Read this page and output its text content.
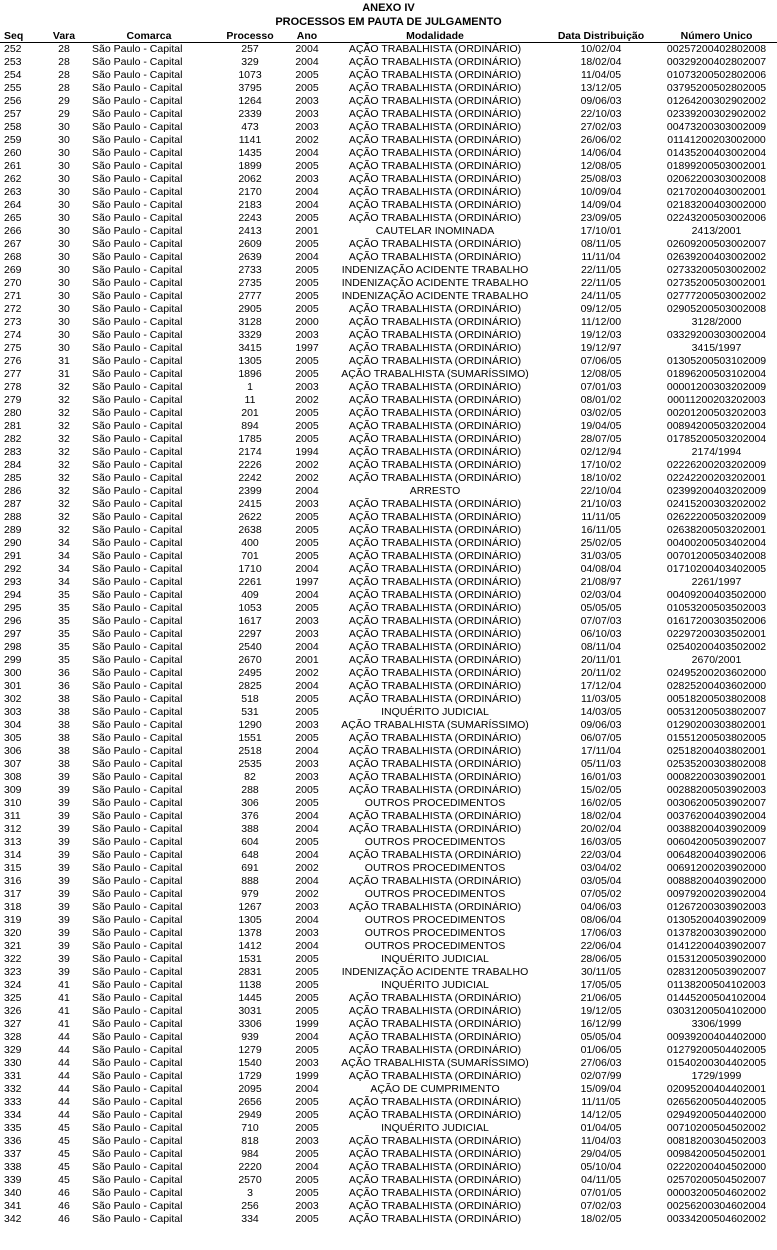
ANEXO IV
PROCESSOS EM PAUTA DE JULGAMENTO
Seq	Vara	Comarca	Processo	Ano	Modalidade	Data Distribuição	Número Único
252	28	São Paulo - Capital	257	2004	AÇÃO TRABALHISTA (ORDINÁRIO)	10/02/04	00257200402802008
253	28	São Paulo - Capital	329	2004	AÇÃO TRABALHISTA (ORDINÁRIO)	18/02/04	00329200402802007
254	28	São Paulo - Capital	1073	2005	AÇÃO TRABALHISTA (ORDINÁRIO)	11/04/05	01073200502802006
255	28	São Paulo - Capital	3795	2005	AÇÃO TRABALHISTA (ORDINÁRIO)	13/12/05	03795200502802005
256	29	São Paulo - Capital	1264	2003	AÇÃO TRABALHISTA (ORDINÁRIO)	09/06/03	01264200302902002
257	29	São Paulo - Capital	2339	2003	AÇÃO TRABALHISTA (ORDINÁRIO)	22/10/03	02339200302902002
258	30	São Paulo - Capital	473	2003	AÇÃO TRABALHISTA (ORDINÁRIO)	27/02/03	00473200303002009
259	30	São Paulo - Capital	1141	2002	AÇÃO TRABALHISTA (ORDINÁRIO)	26/06/02	01141200203002000
260	30	São Paulo - Capital	1435	2004	AÇÃO TRABALHISTA (ORDINÁRIO)	14/06/04	01435200403002004
261	30	São Paulo - Capital	1899	2005	AÇÃO TRABALHISTA (ORDINÁRIO)	12/08/05	01899200503002001
262	30	São Paulo - Capital	2062	2003	AÇÃO TRABALHISTA (ORDINÁRIO)	25/08/03	02062200303002008
263	30	São Paulo - Capital	2170	2004	AÇÃO TRABALHISTA (ORDINÁRIO)	10/09/04	02170200403002001
264	30	São Paulo - Capital	2183	2004	AÇÃO TRABALHISTA (ORDINÁRIO)	14/09/04	02183200403002000
265	30	São Paulo - Capital	2243	2005	AÇÃO TRABALHISTA (ORDINÁRIO)	23/09/05	02243200503002006
266	30	São Paulo - Capital	2413	2001	CAUTELAR INOMINADA	17/10/01	2413/2001
267	30	São Paulo - Capital	2609	2005	AÇÃO TRABALHISTA (ORDINÁRIO)	08/11/05	02609200503002007
268	30	São Paulo - Capital	2639	2004	AÇÃO TRABALHISTA (ORDINÁRIO)	11/11/04	02639200403002002
269	30	São Paulo - Capital	2733	2005	INDENIZAÇÃO ACIDENTE TRABALHO	22/11/05	02733200503002002
270	30	São Paulo - Capital	2735	2005	INDENIZAÇÃO ACIDENTE TRABALHO	22/11/05	02735200503002001
271	30	São Paulo - Capital	2777	2005	INDENIZAÇÃO ACIDENTE TRABALHO	24/11/05	02777200503002002
272	30	São Paulo - Capital	2905	2005	AÇÃO TRABALHISTA (ORDINÁRIO)	09/12/05	02905200503002008
273	30	São Paulo - Capital	3128	2000	AÇÃO TRABALHISTA (ORDINÁRIO)	11/12/00	3128/2000
274	30	São Paulo - Capital	3329	2003	AÇÃO TRABALHISTA (ORDINÁRIO)	19/12/03	03329200303002004
275	30	São Paulo - Capital	3415	1997	AÇÃO TRABALHISTA (ORDINÁRIO)	19/12/97	3415/1997
276	31	São Paulo - Capital	1305	2005	AÇÃO TRABALHISTA (ORDINÁRIO)	07/06/05	01305200503102009
277	31	São Paulo - Capital	1896	2005	AÇÃO TRABALHISTA (SUMARÍSSIMO)	12/08/05	01896200503102004
278	32	São Paulo - Capital	1	2003	AÇÃO TRABALHISTA (ORDINÁRIO)	07/01/03	00001200303202009
279	32	São Paulo - Capital	11	2002	AÇÃO TRABALHISTA (ORDINÁRIO)	08/01/02	00011200203202003
280	32	São Paulo - Capital	201	2005	AÇÃO TRABALHISTA (ORDINÁRIO)	03/02/05	00201200503202003
281	32	São Paulo - Capital	894	2005	AÇÃO TRABALHISTA (ORDINÁRIO)	19/04/05	00894200503202004
282	32	São Paulo - Capital	1785	2005	AÇÃO TRABALHISTA (ORDINÁRIO)	28/07/05	01785200503202004
283	32	São Paulo - Capital	2174	1994	AÇÃO TRABALHISTA (ORDINÁRIO)	02/12/94	2174/1994
284	32	São Paulo - Capital	2226	2002	AÇÃO TRABALHISTA (ORDINÁRIO)	17/10/02	02226200203202009
285	32	São Paulo - Capital	2242	2002	AÇÃO TRABALHISTA (ORDINÁRIO)	18/10/02	02242200203202001
286	32	São Paulo - Capital	2399	2004	ARRESTO	22/10/04	02399200403202009
287	32	São Paulo - Capital	2415	2003	AÇÃO TRABALHISTA (ORDINÁRIO)	21/10/03	02415200303202002
288	32	São Paulo - Capital	2622	2005	AÇÃO TRABALHISTA (ORDINÁRIO)	11/11/05	02622200503202009
289	32	São Paulo - Capital	2638	2005	AÇÃO TRABALHISTA (ORDINÁRIO)	16/11/05	02638200503202001
290	34	São Paulo - Capital	400	2005	AÇÃO TRABALHISTA (ORDINÁRIO)	25/02/05	00400200503402004
291	34	São Paulo - Capital	701	2005	AÇÃO TRABALHISTA (ORDINÁRIO)	31/03/05	00701200503402008
292	34	São Paulo - Capital	1710	2004	AÇÃO TRABALHISTA (ORDINÁRIO)	04/08/04	01710200403402005
293	34	São Paulo - Capital	2261	1997	AÇÃO TRABALHISTA (ORDINÁRIO)	21/08/97	2261/1997
294	35	São Paulo - Capital	409	2004	AÇÃO TRABALHISTA (ORDINÁRIO)	02/03/04	00409200403502000
295	35	São Paulo - Capital	1053	2005	AÇÃO TRABALHISTA (ORDINÁRIO)	05/05/05	01053200503502003
296	35	São Paulo - Capital	1617	2003	AÇÃO TRABALHISTA (ORDINÁRIO)	07/07/03	01617200303502006
297	35	São Paulo - Capital	2297	2003	AÇÃO TRABALHISTA (ORDINÁRIO)	06/10/03	02297200303502001
298	35	São Paulo - Capital	2540	2004	AÇÃO TRABALHISTA (ORDINÁRIO)	08/11/04	02540200403502002
299	35	São Paulo - Capital	2670	2001	AÇÃO TRABALHISTA (ORDINÁRIO)	20/11/01	2670/2001
300	36	São Paulo - Capital	2495	2002	AÇÃO TRABALHISTA (ORDINÁRIO)	20/11/02	02495200203602000
301	36	São Paulo - Capital	2825	2004	AÇÃO TRABALHISTA (ORDINÁRIO)	17/12/04	02825200403602000
302	38	São Paulo - Capital	518	2005	AÇÃO TRABALHISTA (ORDINÁRIO)	11/03/05	00518200503802008
303	38	São Paulo - Capital	531	2005	INQUÉRITO JUDICIAL	14/03/05	00531200503802007
304	38	São Paulo - Capital	1290	2003	AÇÃO TRABALHISTA (SUMARÍSSIMO)	09/06/03	01290200303802001
305	38	São Paulo - Capital	1551	2005	AÇÃO TRABALHISTA (ORDINÁRIO)	06/07/05	01551200503802005
306	38	São Paulo - Capital	2518	2004	AÇÃO TRABALHISTA (ORDINÁRIO)	17/11/04	02518200403802001
307	38	São Paulo - Capital	2535	2003	AÇÃO TRABALHISTA (ORDINÁRIO)	05/11/03	02535200303802008
308	39	São Paulo - Capital	82	2003	AÇÃO TRABALHISTA (ORDINÁRIO)	16/01/03	00082200303902001
309	39	São Paulo - Capital	288	2005	AÇÃO TRABALHISTA (ORDINÁRIO)	15/02/05	00288200503902003
310	39	São Paulo - Capital	306	2005	OUTROS PROCEDIMENTOS	16/02/05	00306200503902007
311	39	São Paulo - Capital	376	2004	AÇÃO TRABALHISTA (ORDINÁRIO)	18/02/04	00376200403902004
312	39	São Paulo - Capital	388	2004	AÇÃO TRABALHISTA (ORDINÁRIO)	20/02/04	00388200403902009
313	39	São Paulo - Capital	604	2005	OUTROS PROCEDIMENTOS	16/03/05	00604200503902007
314	39	São Paulo - Capital	648	2004	AÇÃO TRABALHISTA (ORDINÁRIO)	22/03/04	00648200403902006
315	39	São Paulo - Capital	691	2002	OUTROS PROCEDIMENTOS	03/04/02	00691200203902000
316	39	São Paulo - Capital	888	2004	AÇÃO TRABALHISTA (ORDINÁRIO)	03/05/04	00888200403902000
317	39	São Paulo - Capital	979	2002	OUTROS PROCEDIMENTOS	07/05/02	00979200203902004
318	39	São Paulo - Capital	1267	2003	AÇÃO TRABALHISTA (ORDINÁRIO)	04/06/03	01267200303902003
319	39	São Paulo - Capital	1305	2004	OUTROS PROCEDIMENTOS	08/06/04	01305200403902009
320	39	São Paulo - Capital	1378	2003	OUTROS PROCEDIMENTOS	17/06/03	01378200303902000
321	39	São Paulo - Capital	1412	2004	OUTROS PROCEDIMENTOS	22/06/04	01412200403902007
322	39	São Paulo - Capital	1531	2005	INQUÉRITO JUDICIAL	28/06/05	01531200503902000
323	39	São Paulo - Capital	2831	2005	INDENIZAÇÃO ACIDENTE TRABALHO	30/11/05	02831200503902007
324	41	São Paulo - Capital	1138	2005	INQUÉRITO JUDICIAL	17/05/05	01138200504102003
325	41	São Paulo - Capital	1445	2005	AÇÃO TRABALHISTA (ORDINÁRIO)	21/06/05	01445200504102004
326	41	São Paulo - Capital	3031	2005	AÇÃO TRABALHISTA (ORDINÁRIO)	19/12/05	03031200504102000
327	41	São Paulo - Capital	3306	1999	AÇÃO TRABALHISTA (ORDINÁRIO)	16/12/99	3306/1999
328	44	São Paulo - Capital	939	2004	AÇÃO TRABALHISTA (ORDINÁRIO)	05/05/04	00939200404402000
329	44	São Paulo - Capital	1279	2005	AÇÃO TRABALHISTA (ORDINÁRIO)	01/06/05	01279200504402005
330	44	São Paulo - Capital	1540	2003	AÇÃO TRABALHISTA (SUMARÍSSIMO)	27/06/03	01540200304402005
331	44	São Paulo - Capital	1729	1999	AÇÃO TRABALHISTA (ORDINÁRIO)	02/07/99	1729/1999
332	44	São Paulo - Capital	2095	2004	AÇÃO DE CUMPRIMENTO	15/09/04	02095200404402001
333	44	São Paulo - Capital	2656	2005	AÇÃO TRABALHISTA (ORDINÁRIO)	11/11/05	02656200504402005
334	44	São Paulo - Capital	2949	2005	AÇÃO TRABALHISTA (ORDINÁRIO)	14/12/05	02949200504402000
335	45	São Paulo - Capital	710	2005	INQUÉRITO JUDICIAL	01/04/05	00710200504502002
336	45	São Paulo - Capital	818	2003	AÇÃO TRABALHISTA (ORDINÁRIO)	11/04/03	00818200304502003
337	45	São Paulo - Capital	984	2005	AÇÃO TRABALHISTA (ORDINÁRIO)	29/04/05	00984200504502001
338	45	São Paulo - Capital	2220	2004	AÇÃO TRABALHISTA (ORDINÁRIO)	05/10/04	02220200404502000
339	45	São Paulo - Capital	2570	2005	AÇÃO TRABALHISTA (ORDINÁRIO)	04/11/05	02570200504502007
340	46	São Paulo - Capital	3	2005	AÇÃO TRABALHISTA (ORDINÁRIO)	07/01/05	00003200504602002
341	46	São Paulo - Capital	256	2003	AÇÃO TRABALHISTA (ORDINÁRIO)	07/02/03	00256200304602004
342	46	São Paulo - Capital	334	2005	AÇÃO TRABALHISTA (ORDINÁRIO)	18/02/05	00334200504602002
